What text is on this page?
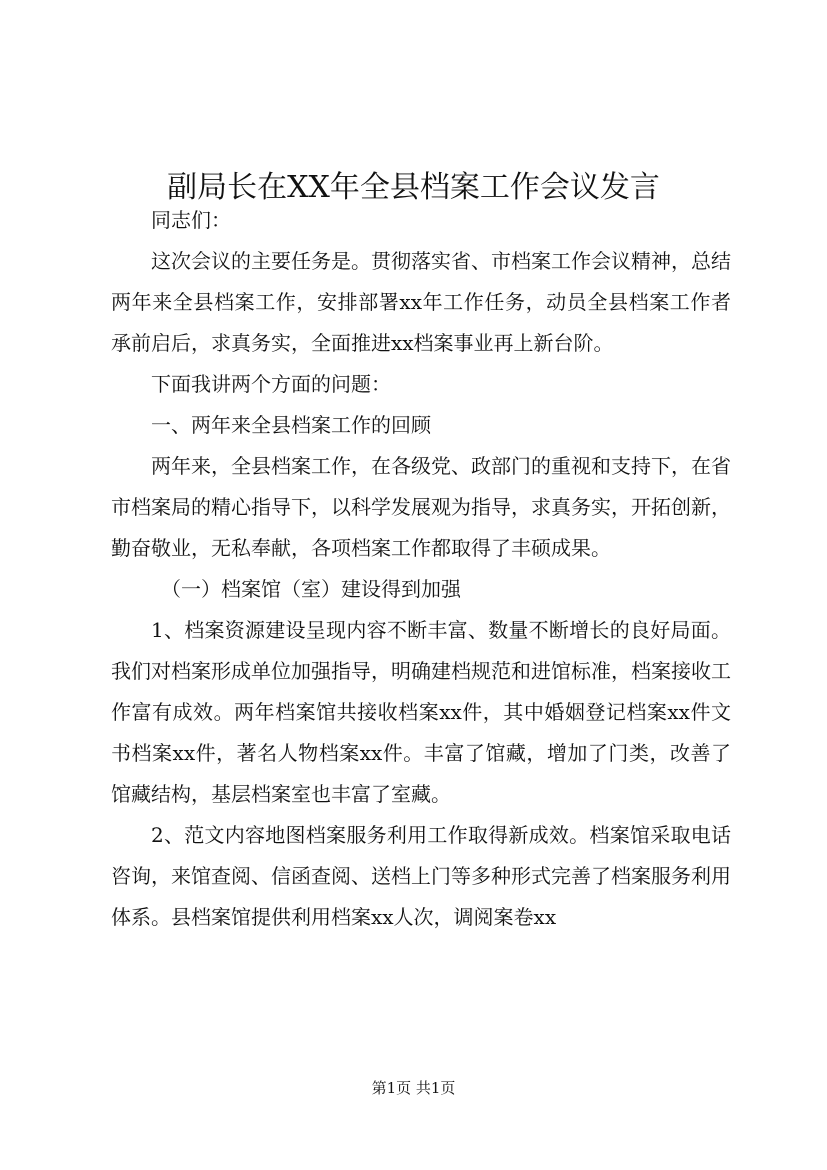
副局长在XX年全县档案工作会议发言

同志们：

这次会议的主要任务是。贯彻落实省、市档案工作会议精神，总结两年来全县档案工作，安排部署xx年工作任务，动员全县档案工作者承前启后，求真务实，全面推进xx档案事业再上新台阶。

下面我讲两个方面的问题：

一、两年来全县档案工作的回顾

两年来，全县档案工作，在各级党、政部门的重视和支持下，在省市档案局的精心指导下，以科学发展观为指导，求真务实，开拓创新，勤奋敬业，无私奉献，各项档案工作都取得了丰硕成果。

（一）档案馆（室）建设得到加强

1、档案资源建设呈现内容不断丰富、数量不断增长的良好局面。我们对档案形成单位加强指导，明确建档规范和进馆标准，档案接收工作富有成效。两年档案馆共接收档案xx件，其中婚姻登记档案xx件文书档案xx件，著名人物档案xx件。丰富了馆藏，增加了门类，改善了馆藏结构，基层档案室也丰富了室藏。

2、范文内容地图档案服务利用工作取得新成效。档案馆采取电话咨询，来馆查阅、信函查阅、送档上门等多种形式完善了档案服务利用体系。县档案馆提供利用档案xx人次，调阅案卷xx

第1页 共1页
